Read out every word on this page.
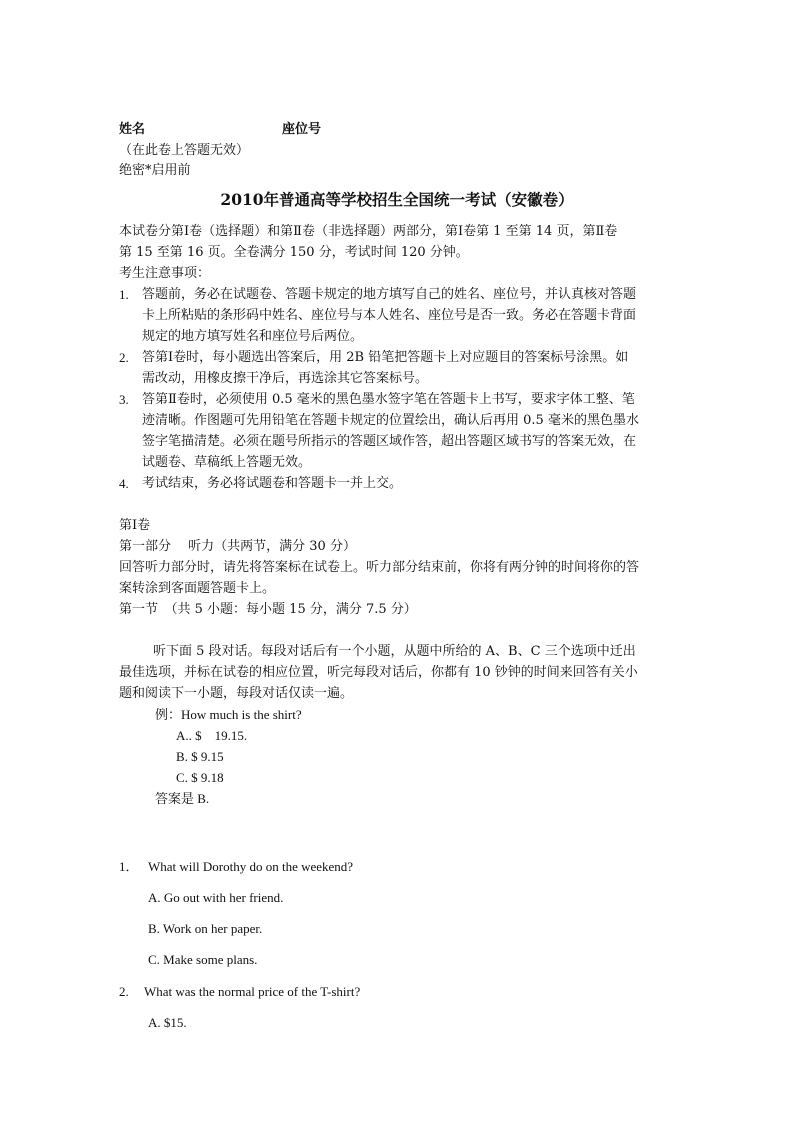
姓名	座位号
（在此卷上答题无效）
绝密*启用前
2010年普通高等学校招生全国统一考试（安徽卷）
本试卷分第Ⅰ卷（选择题）和第Ⅱ卷（非选择题）两部分，第Ⅰ卷第 1 至第 14 页，第Ⅱ卷
第 15 至第 16 页。全卷满分 150 分，考试时间 120 分钟。
考生注意事项：
1. 答题前，务必在试题卷、答题卡规定的地方填写自己的姓名、座位号，并认真核对答题
卡上所粘贴的条形码中姓名、座位号与本人姓名、座位号是否一致。务必在答题卡背面
规定的地方填写姓名和座位号后两位。
2. 答第Ⅰ卷时，每小题选出答案后，用 2B 铅笔把答题卡上对应题目的答案标号涂黑。如
需改动，用橡皮擦干净后，再选涂其它答案标号。
3. 答第Ⅱ卷时，必须使用 0.5 毫米的黑色墨水签字笔在答题卡上书写，要求字体工整、笔
迹清晰。作图题可先用铅笔在答题卡规定的位置绘出，确认后再用 0.5 毫米的黑色墨水
签字笔描清楚。必须在题号所指示的答题区域作答，超出答题区域书写的答案无效，在
试题卷、草稿纸上答题无效。
4. 考试结束，务必将试题卷和答题卡一并上交。
第Ⅰ卷
第一部分　 听力（共两节，满分 30 分）
回答听力部分时，请先将答案标在试卷上。听力部分结束前，你将有两分钟的时间将你的答
案转涂到客面题答题卡上。
第一节　（共 5 小题：每小题 15 分，满分 7.5 分）
听下面 5 段对话。每段对话后有一个小题，从题中所给的 A、B、C 三个选项中迁出
最佳选项，并标在试卷的相应位置，听完每段对话后，你都有 10 钞钟的时间来回答有关小
题和阅读下一小题，每段对话仅读一遍。
例：How much is the shirt?
A.. $　19.15.
B. $ 9.15
C. $ 9.18
答案是 B.
1． What will Dorothy do on the weekend?
A. Go out with her friend.
B. Work on her paper.
C. Make some plans.
2. What was the normal price of the T-shirt?
A. $15.
